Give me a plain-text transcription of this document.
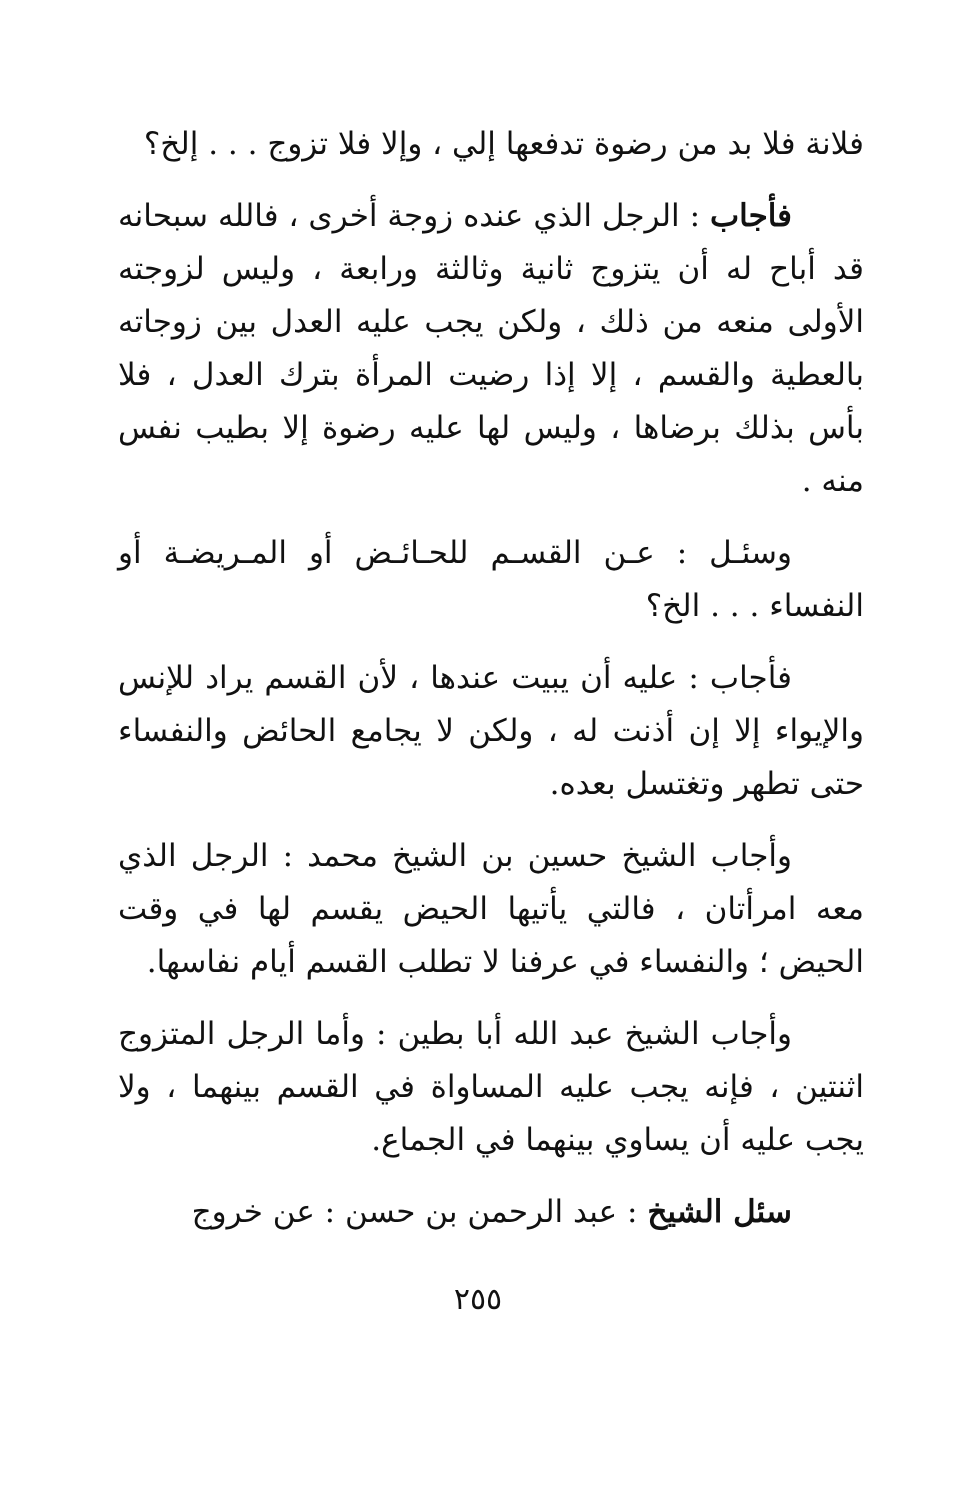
فلانة فلا بد من رضوة تدفعها إلي ، وإلا فلا تزوج . . . إلخ؟

فأجاب : الرجل الذي عنده زوجة أخرى ، فالله سبحانه قد أباح له أن يتزوج ثانية وثالثة ورابعة ، وليس لزوجته الأولى منعه من ذلك ، ولكن يجب عليه العدل بين زوجاته بالعطية والقسم ، إلا إذا رضيت المرأة بترك العدل ، فلا بأس بذلك برضاها ، وليس لها عليه رضوة إلا بطيب نفس منه .

وسئـل : عـن القسـم للحـائـض أو المـريضـة أو النفساء . . . الخ؟

فأجاب : عليه أن يبيت عندها ، لأن القسم يراد للإنس والإيواء إلا إن أذنت له ، ولكن لا يجامع الحائض والنفساء حتى تطهر وتغتسل بعده.

وأجاب الشيخ حسين بن الشيخ محمد : الرجل الذي معه امرأتان ، فالتي يأتيها الحيض يقسم لها في وقت الحيض ؛ والنفساء في عرفنا لا تطلب القسم أيام نفاسها.

وأجاب الشيخ عبد الله أبا بطين : وأما الرجل المتزوج اثنتين ، فإنه يجب عليه المساواة في القسم بينهما ، ولا يجب عليه أن يساوي بينهما في الجماع.

سئل الشيخ : عبد الرحمن بن حسن : عن خروج

٢٥٥
